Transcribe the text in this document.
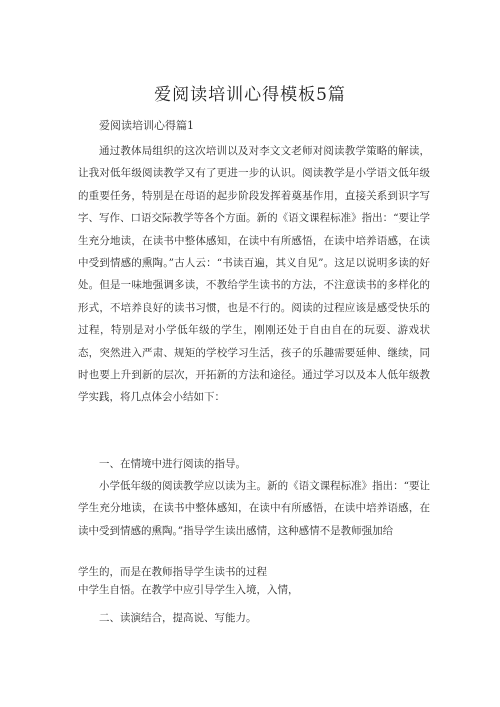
爱阅读培训心得模板5篇
爱阅读培训心得篇1
通过教体局组织的这次培训以及对李文文老师对阅读教学策略的解读，让我对低年级阅读教学又有了更进一步的认识。阅读教学是小学语文低年级的重要任务，特别是在母语的起步阶段发挥着奠基作用，直接关系到识字写字、写作、口语交际教学等各个方面。新的《语文课程标准》指出：“要让学生充分地读，在读书中整体感知，在读中有所感悟，在读中培养语感，在读中受到情感的熏陶。”古人云：“书读百遍，其义自见”。这足以说明多读的好处。但是一味地强调多读，不教给学生读书的方法，不注意读书的多样化的形式，不培养良好的读书习惯，也是不行的。阅读的过程应该是感受快乐的过程，特别是对小学低年级的学生，刚刚还处于自由自在的玩耍、游戏状态，突然进入严肃、规矩的学校学习生活，孩子的乐趣需要延伸、继续，同时也要上升到新的层次，开拓新的方法和途径。通过学习以及本人低年级教学实践，将几点体会小结如下：
一、在情境中进行阅读的指导。
小学低年级的阅读教学应以读为主。新的《语文课程标准》指出：“要让学生充分地读，在读书中整体感知，在读中有所感悟，在读中培养语感，在读中受到情感的熏陶。”指导学生读出感情，这种感情不是教师强加给
学生的，而是在教师指导学生读书的过程
中学生自悟。在教学中应引导学生入境，入情，
二、读演结合，提高说、写能力。
